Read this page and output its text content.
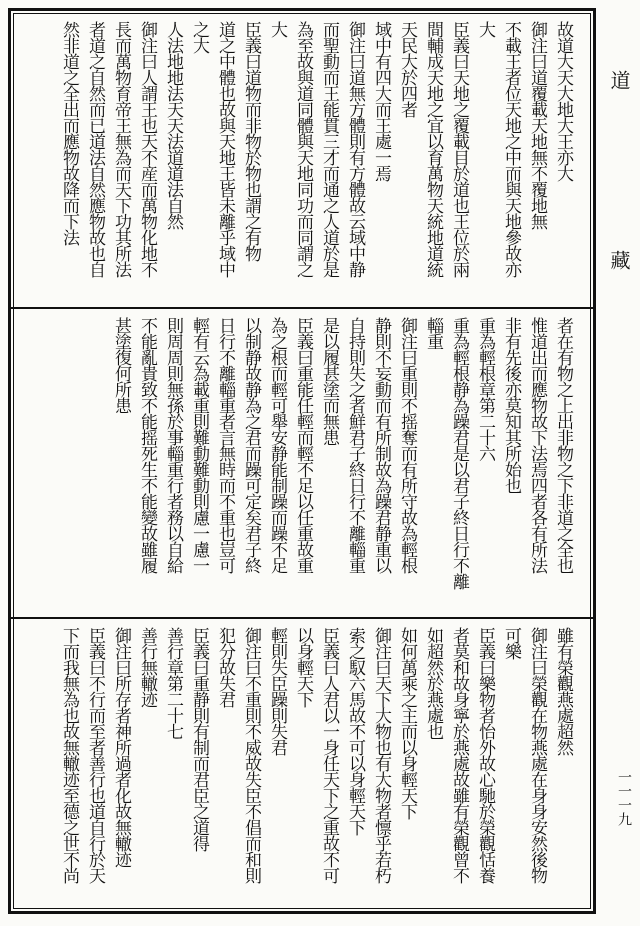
故道大天大地大王亦大
御注曰道覆載天地無不覆地無
不載王者位天地之中而與天地參故亦
大
臣義曰天地之覆載目於道也王位於兩
間輔成天地之宜以育萬物天統地道統
天民大於四者
域中有四大而王處一焉
御注曰道無方體則有方體故云域中静
而聖動而王能貫三才而通之人道於是
為至故與道同體與天地同功而同謂之
大
臣義曰道物而非物於物也謂之有物
道之中體也故與天地王皆未離乎域中
之大
人法地地法天天法道道法自然
御注曰人謂王也天不産而萬物化地不
長而萬物育帝王無為而天下功其所法
者道之自然而已道法自然應物故也自
然非道之全出而應物故降而下法
者在有物之上出非物之下非道之全也
惟道出而應物故下法焉四者各有所法
非有先後亦莫知其所始也
重為輕根章第二十六
重為輕根静為躁君是以君子終日行不離
輜重
御注曰重則不摇奪而有所守故為輕根
静則不妄動而有所制故為躁君静重以
自持則失之者鮮君子終日行不離輜重
是以履甚塗而無患
臣義曰重能任輕而輕不足以任重故重
為之根而輕可舉安静能制躁而躁不足
以制静故静為之君而躁可定矣君子終
日行不離輜重者言無時而不重也豈可
輕有云為載重則難動難動則慮一慮一
則周周則無孫於事輜重行者務以自給
不能亂貴致不能摇死生不能變故雖履
甚塗復何所患
雖有榮觀燕處超然
御注曰榮觀在物燕處在身身安然後物
可樂
臣義曰樂物者怡外故心馳於榮觀恬養
者莫和故身寧於燕處故雖有榮觀曾不
如超然於燕處也
如何萬乘之主而以身輕天下
御注曰天下大物也有大物者懔乎若朽
索之馭六馬故不可以身輕天下
臣義曰人君以一身任天下之重故不可
以身輕天下
輕則失臣躁則失君
御注曰不重則不威故失臣不倡而和則
犯分故失君
臣義曰重静則有制而君臣之道得
善行章第二十七
善行無轍迹
御注曰所存者神所過者化故無轍迹
臣義曰不行而至者善行也道自行於天
下而我無為也故無轍迹至德之世不尚
道
藏
一一一九
